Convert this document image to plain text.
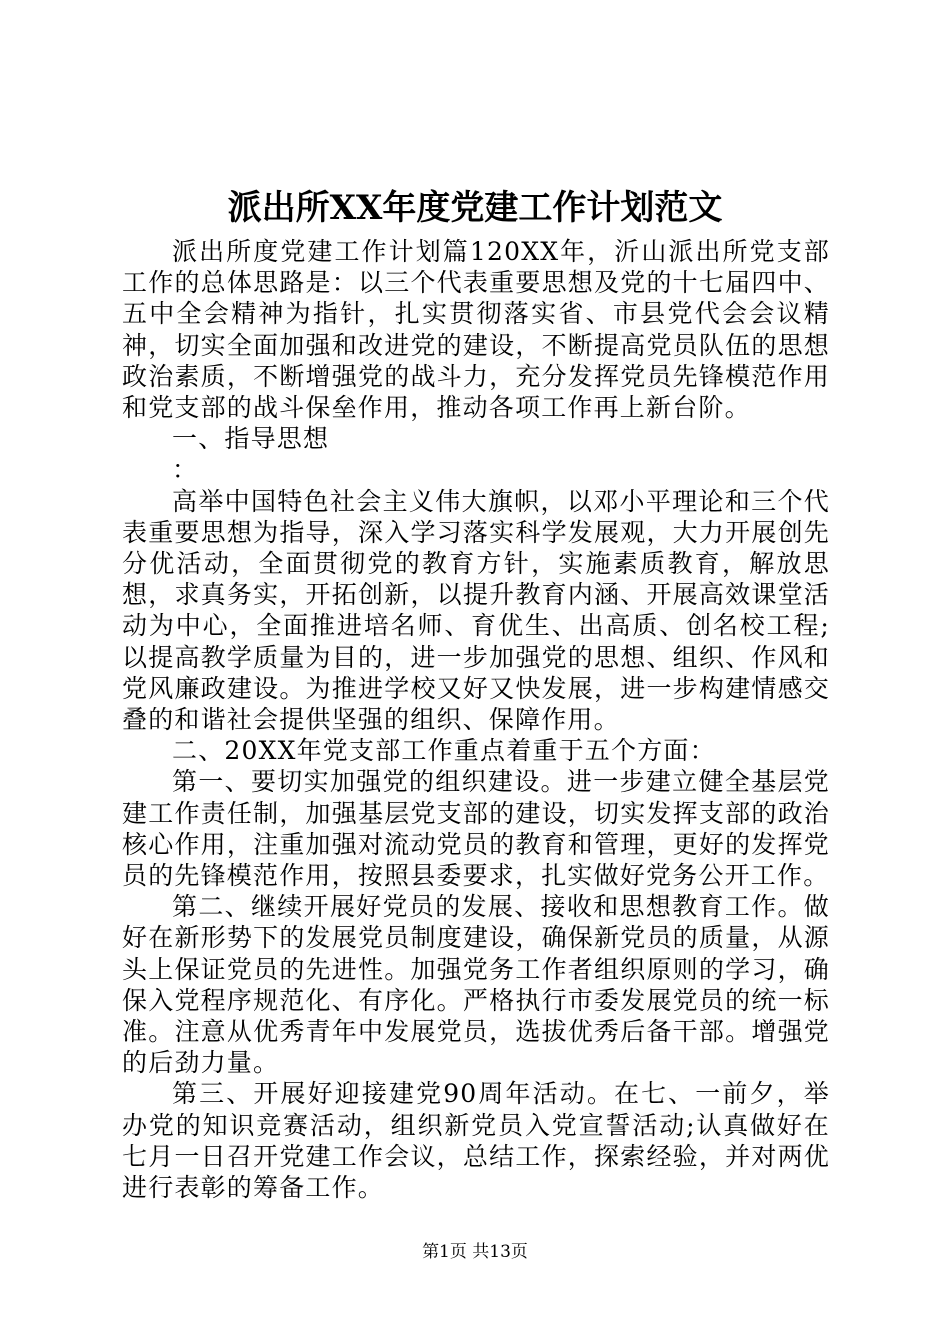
派出所XX年度党建工作计划范文

派出所度党建工作计划篇120XX年，沂山派出所党支部工作的总体思路是：以三个代表重要思想及党的十七届四中、五中全会精神为指针，扎实贯彻落实省、市县党代会会议精神，切实全面加强和改进党的建设，不断提高党员队伍的思想政治素质，不断增强党的战斗力，充分发挥党员先锋模范作用和党支部的战斗保垒作用，推动各项工作再上新台阶。

一、指导思想

：

高举中国特色社会主义伟大旗帜，以邓小平理论和三个代表重要思想为指导，深入学习落实科学发展观，大力开展创先分优活动，全面贯彻党的教育方针，实施素质教育，解放思想，求真务实，开拓创新，以提升教育内涵、开展高效课堂活动为中心，全面推进培名师、育优生、出高质、创名校工程;以提高教学质量为目的，进一步加强党的思想、组织、作风和党风廉政建设。为推进学校又好又快发展，进一步构建情感交叠的和谐社会提供坚强的组织、保障作用。

二、20XX年党支部工作重点着重于五个方面：

第一、要切实加强党的组织建设。进一步建立健全基层党建工作责任制，加强基层党支部的建设，切实发挥支部的政治核心作用，注重加强对流动党员的教育和管理，更好的发挥党员的先锋模范作用，按照县委要求，扎实做好党务公开工作。

第二、继续开展好党员的发展、接收和思想教育工作。做好在新形势下的发展党员制度建设，确保新党员的质量，从源头上保证党员的先进性。加强党务工作者组织原则的学习，确保入党程序规范化、有序化。严格执行市委发展党员的统一标准。注意从优秀青年中发展党员，选拔优秀后备干部。增强党的后劲力量。

第三、开展好迎接建党90周年活动。在七、一前夕，举办党的知识竞赛活动，组织新党员入党宣誓活动;认真做好在七月一日召开党建工作会议，总结工作，探索经验，并对两优进行表彰的筹备工作。

第1页 共13页
